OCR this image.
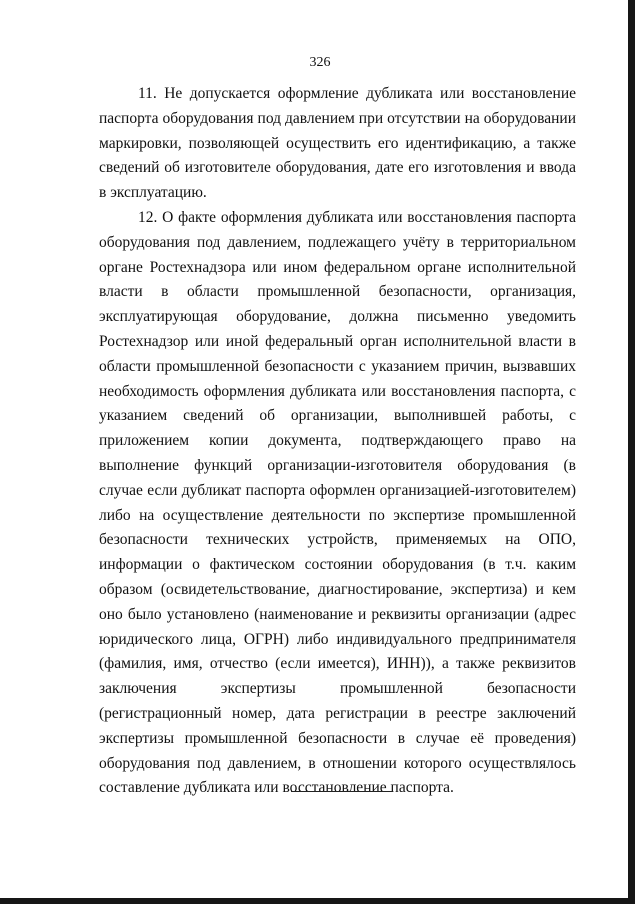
326

11. Не допускается оформление дубликата или восстановление паспорта оборудования под давлением при отсутствии на оборудовании маркировки, позволяющей осуществить его идентификацию, а также сведений об изготовителе оборудования, дате его изготовления и ввода в эксплуатацию.

12. О факте оформления дубликата или восстановления паспорта оборудования под давлением, подлежащего учёту в территориальном органе Ростехнадзора или ином федеральном органе исполнительной власти в области промышленной безопасности, организация, эксплуатирующая оборудование, должна письменно уведомить Ростехнадзор или иной федеральный орган исполнительной власти в области промышленной безопасности с указанием причин, вызвавших необходимость оформления дубликата или восстановления паспорта, с указанием сведений об организации, выполнившей работы, с приложением копии документа, подтверждающего право на выполнение функций организации-изготовителя оборудования (в случае если дубликат паспорта оформлен организацией-изготовителем) либо на осуществление деятельности по экспертизе промышленной безопасности технических устройств, применяемых на ОПО, информации о фактическом состоянии оборудования (в т.ч. каким образом (освидетельствование, диагностирование, экспертиза) и кем оно было установлено (наименование и реквизиты организации (адрес юридического лица, ОГРН) либо индивидуального предпринимателя (фамилия, имя, отчество (если имеется), ИНН)), а также реквизитов заключения экспертизы промышленной безопасности (регистрационный номер, дата регистрации в реестре заключений экспертизы промышленной безопасности в случае её проведения) оборудования под давлением, в отношении которого осуществлялось составление дубликата или восстановление паспорта.
